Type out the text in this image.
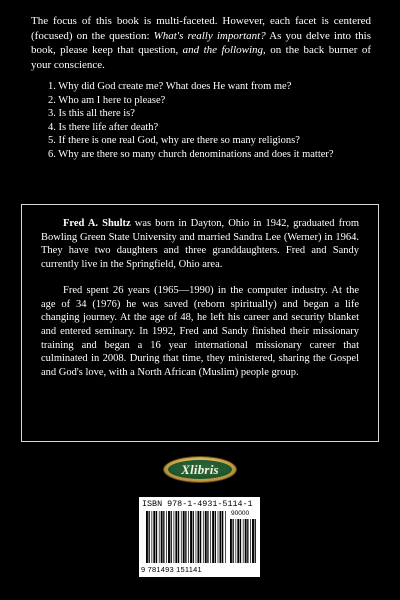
The focus of this book is multi-faceted. However, each facet is centered (focused) on the question: What's really important? As you delve into this book, please keep that question, and the following, on the back burner of your conscience.
1. Why did God create me? What does He want from me?
2. Who am I here to please?
3. Is this all there is?
4. Is there life after death?
5. If there is one real God, why are there so many religions?
6. Why are there so many church denominations and does it matter?

Fred A. Shultz was born in Dayton, Ohio in 1942, graduated from Bowling Green State University and married Sandra Lee (Werner) in 1964. They have two daughters and three granddaughters. Fred and Sandy currently live in the Springfield, Ohio area.

Fred spent 26 years (1965—1990) in the computer industry. At the age of 34 (1976) he was saved (reborn spiritually) and began a life changing journey. At the age of 48, he left his career and security blanket and entered seminary. In 1992, Fred and Sandy finished their missionary training and began a 16 year international missionary career that culminated in 2008. During that time, they ministered, sharing the Gospel and God's love, with a North African (Muslim) people group.

Xlibris
ISBN 978-1-4931-5114-1
90000
9 781493 151141
